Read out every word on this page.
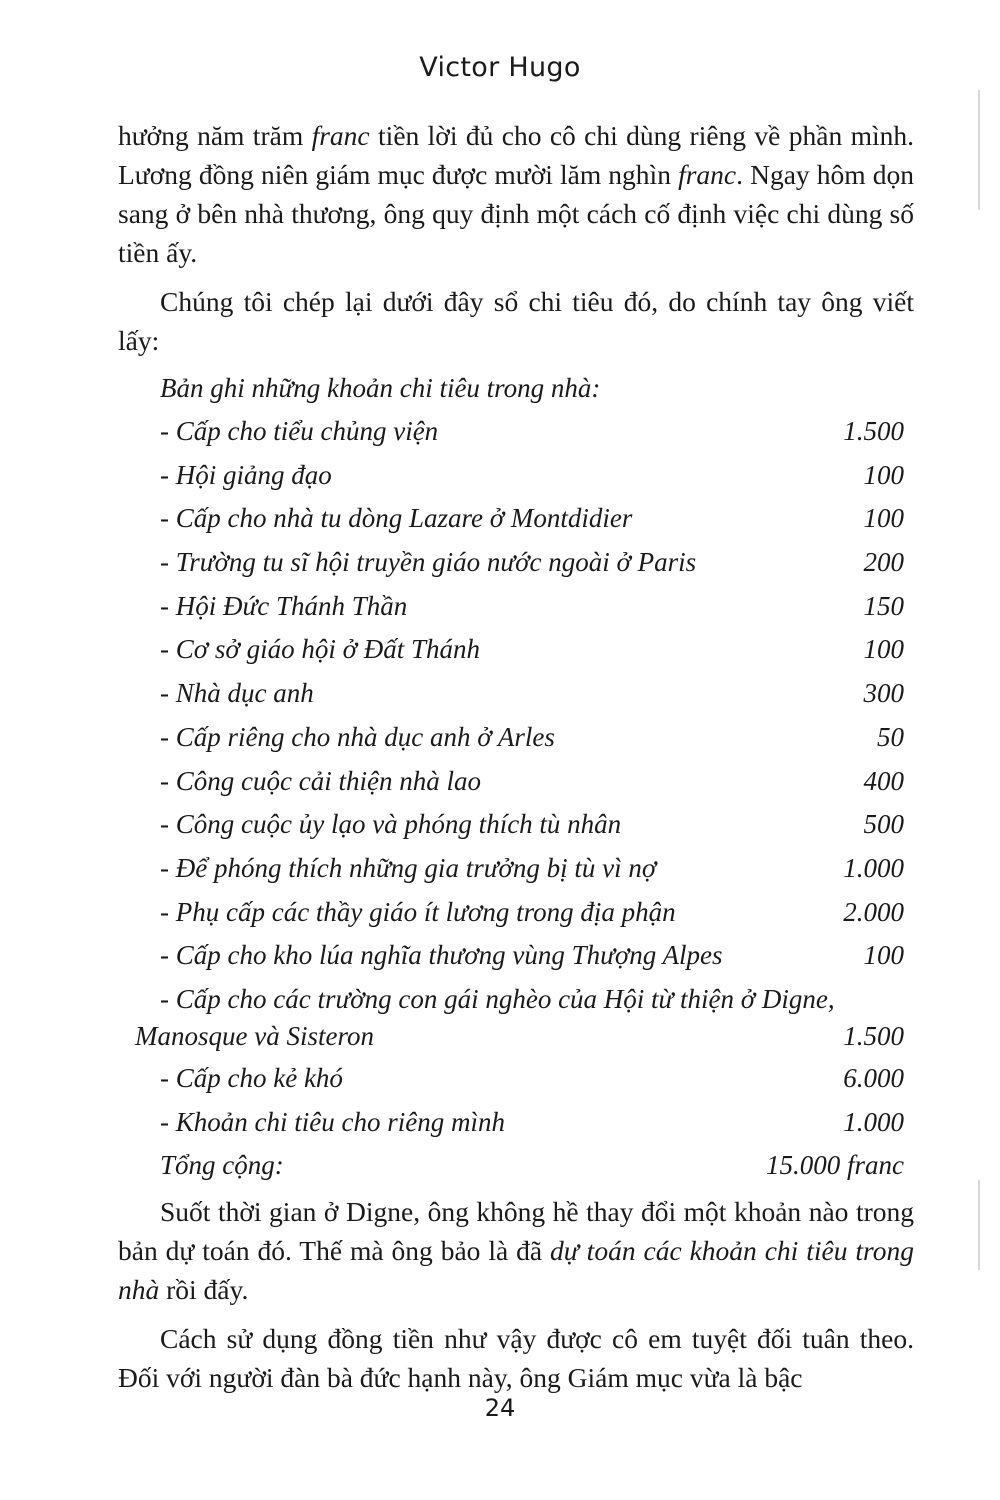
Victor Hugo

hưởng năm trăm franc tiền lời đủ cho cô chi dùng riêng về phần mình. Lương đồng niên giám mục được mười lăm nghìn franc. Ngay hôm dọn sang ở bên nhà thương, ông quy định một cách cố định việc chi dùng số tiền ấy.

Chúng tôi chép lại dưới đây sổ chi tiêu đó, do chính tay ông viết lấy:

Bản ghi những khoản chi tiêu trong nhà:
- Cấp cho tiểu chủng viện	1.500
- Hội giảng đạo	100
- Cấp cho nhà tu dòng Lazare ở Montdidier	100
- Trường tu sĩ hội truyền giáo nước ngoài ở Paris	200
- Hội Đức Thánh Thần	150
- Cơ sở giáo hội ở Đất Thánh	100
- Nhà dục anh	300
- Cấp riêng cho nhà dục anh ở Arles	50
- Công cuộc cải thiện nhà lao	400
- Công cuộc ủy lạo và phóng thích tù nhân	500
- Để phóng thích những gia trưởng bị tù vì nợ	1.000
- Phụ cấp các thầy giáo ít lương trong địa phận	2.000
- Cấp cho kho lúa nghĩa thương vùng Thượng Alpes	100
- Cấp cho các trường con gái nghèo của Hội từ thiện ở Digne,
Manosque và Sisteron	1.500
- Cấp cho kẻ khó	6.000
- Khoản chi tiêu cho riêng mình	1.000
Tổng cộng:	15.000 franc

Suốt thời gian ở Digne, ông không hề thay đổi một khoản nào trong bản dự toán đó. Thế mà ông bảo là đã dự toán các khoản chi tiêu trong nhà rồi đấy.

Cách sử dụng đồng tiền như vậy được cô em tuyệt đối tuân theo. Đối với người đàn bà đức hạnh này, ông Giám mục vừa là bậc

24
